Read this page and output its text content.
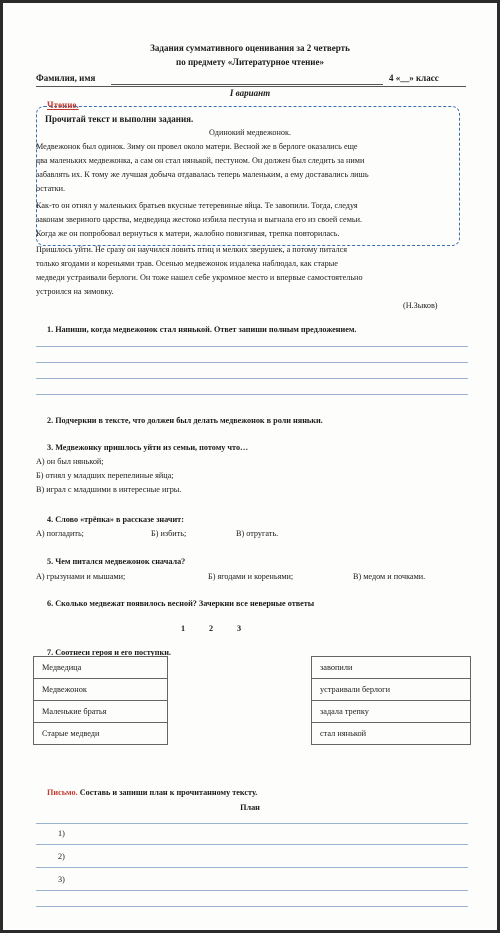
Задания суммативного оценивания за 2 четверть
по предмету «Литературное чтение»
Фамилия, имя	4 «__» класс
I вариант
Чтение.
Прочитай текст и выполни задания.
Одинокий медвежонок.
Медвежонок был одинок. Зиму он провел около матери. Весной же в берлоге оказались еще
два маленьких медвежонка, а сам он стал нянькой, пестуном. Он должен был следить за ними
забавлять их. К тому же лучшая добыча отдавалась теперь маленьким, а ему доставались лишь
остатки.
Как-то он отнял у маленьких братьев вкусные тетеревиные яйца. Те завопили. Тогда, следуя
законам звериного царства, медведица жестоко избила пестуна и выгнала его из своей семьи.
Когда же он попробовал вернуться к матери, жалобно повизгивая, трепка повторилась.
Пришлось уйти. Не сразу он научился ловить птиц и мелких зверушек, а потому питался
только ягодами и кореньями трав. Осенью медвежонок издалека наблюдал, как старые
медведи устраивали берлоги. Он тоже нашел себе укромное место и впервые самостоятельно
устроился на зимовку.
(Н.Зыков)
1. Напиши, когда медвежонок стал нянькой. Ответ запиши полным предложением.
2. Подчеркни в тексте, что должен был делать медвежонок в роли няньки.
3. Медвежонку пришлось уйти из семьи, потому что…
А) он был нянькой;
Б) отнял у младших перепелиные яйца;
В) играл с младшими в интересные игры.
4. Слово «трёпка» в рассказе значит:
А) погладить;	Б) избить;	В) отругать.
5. Чем питался медвежонок сначала?
А) грызунами и мышами;	Б) ягодами и кореньями;	В) медом и почками.
6. Сколько медвежат появилось весной? Зачеркни все неверные ответы
1	2	3
7. Соотнеси героя и его поступки.
Медведица		завопили
Медвежонок		устраивали берлоги
Маленькие братья		задала трепку
Старые медведи		стал нянькой
Письмо. Составь и запиши план к прочитанному тексту.
План
1)
2)
3)
